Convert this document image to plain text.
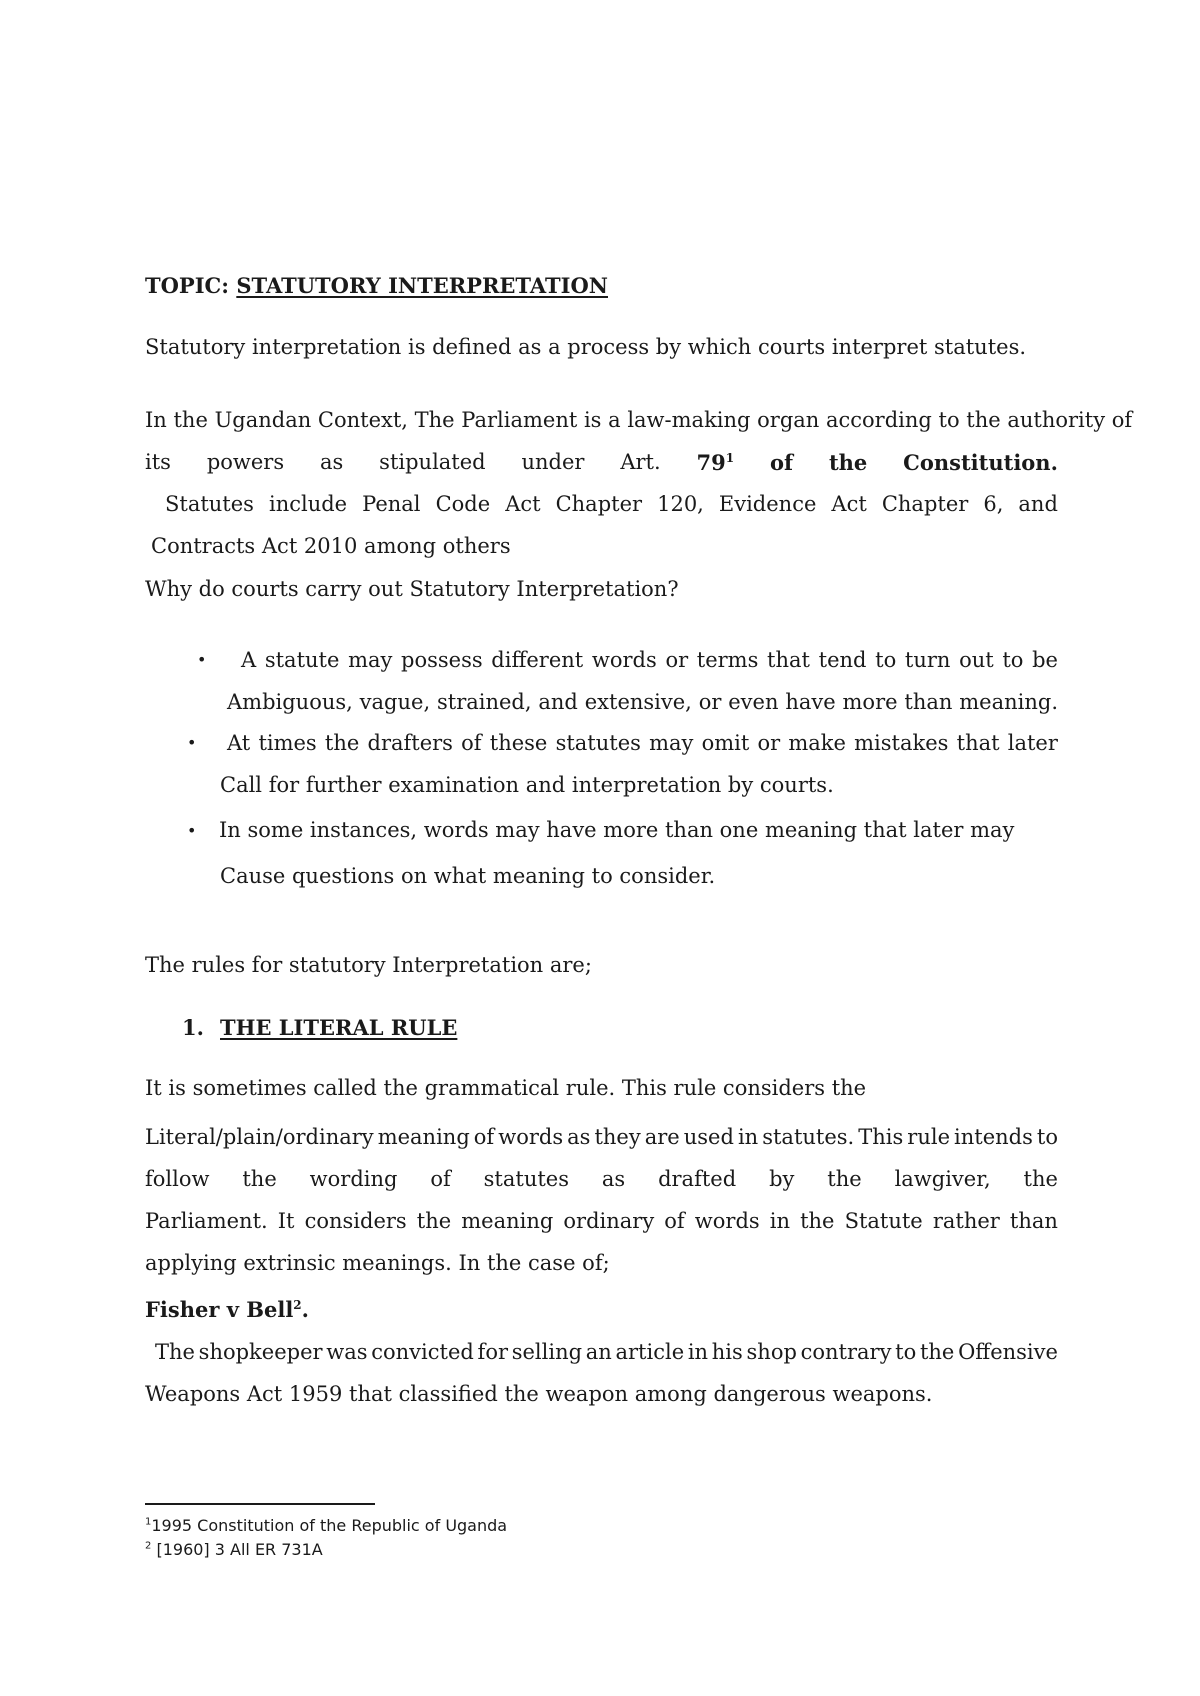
TOPIC: STATUTORY INTERPRETATION
Statutory interpretation is defined as a process by which courts interpret statutes.
In the Ugandan Context, The Parliament is a law-making organ according to the authority of
its powers as stipulated under Art. $79^1$ of the Constitution.
Statutes include Penal Code Act Chapter 120, Evidence Act Chapter 6, and
Contracts Act 2010 among others
Why do courts carry out Statutory Interpretation?
• A statute may possess different words or terms that tend to turn out to be
Ambiguous, vague, strained, and extensive, or even have more than meaning.
• At times the drafters of these statutes may omit or make mistakes that later
Call for further examination and interpretation by courts.
• In some instances, words may have more than one meaning that later may
Cause questions on what meaning to consider.
The rules for statutory Interpretation are;
1. THE LITERAL RULE
It is sometimes called the grammatical rule. This rule considers the
Literal/plain/ordinary meaning of words as they are used in statutes. This rule intends to
follow the wording of statutes as drafted by the lawgiver, the
Parliament. It considers the meaning ordinary of words in the Statute rather than
applying extrinsic meanings. In the case of;
Fisher v Bell$^2$.
The shopkeeper was convicted for selling an article in his shop contrary to the Offensive
Weapons Act 1959 that classified the weapon among dangerous weapons.
$^1$1995 Constitution of the Republic of Uganda
$^2$ [1960] 3 All ER 731A
